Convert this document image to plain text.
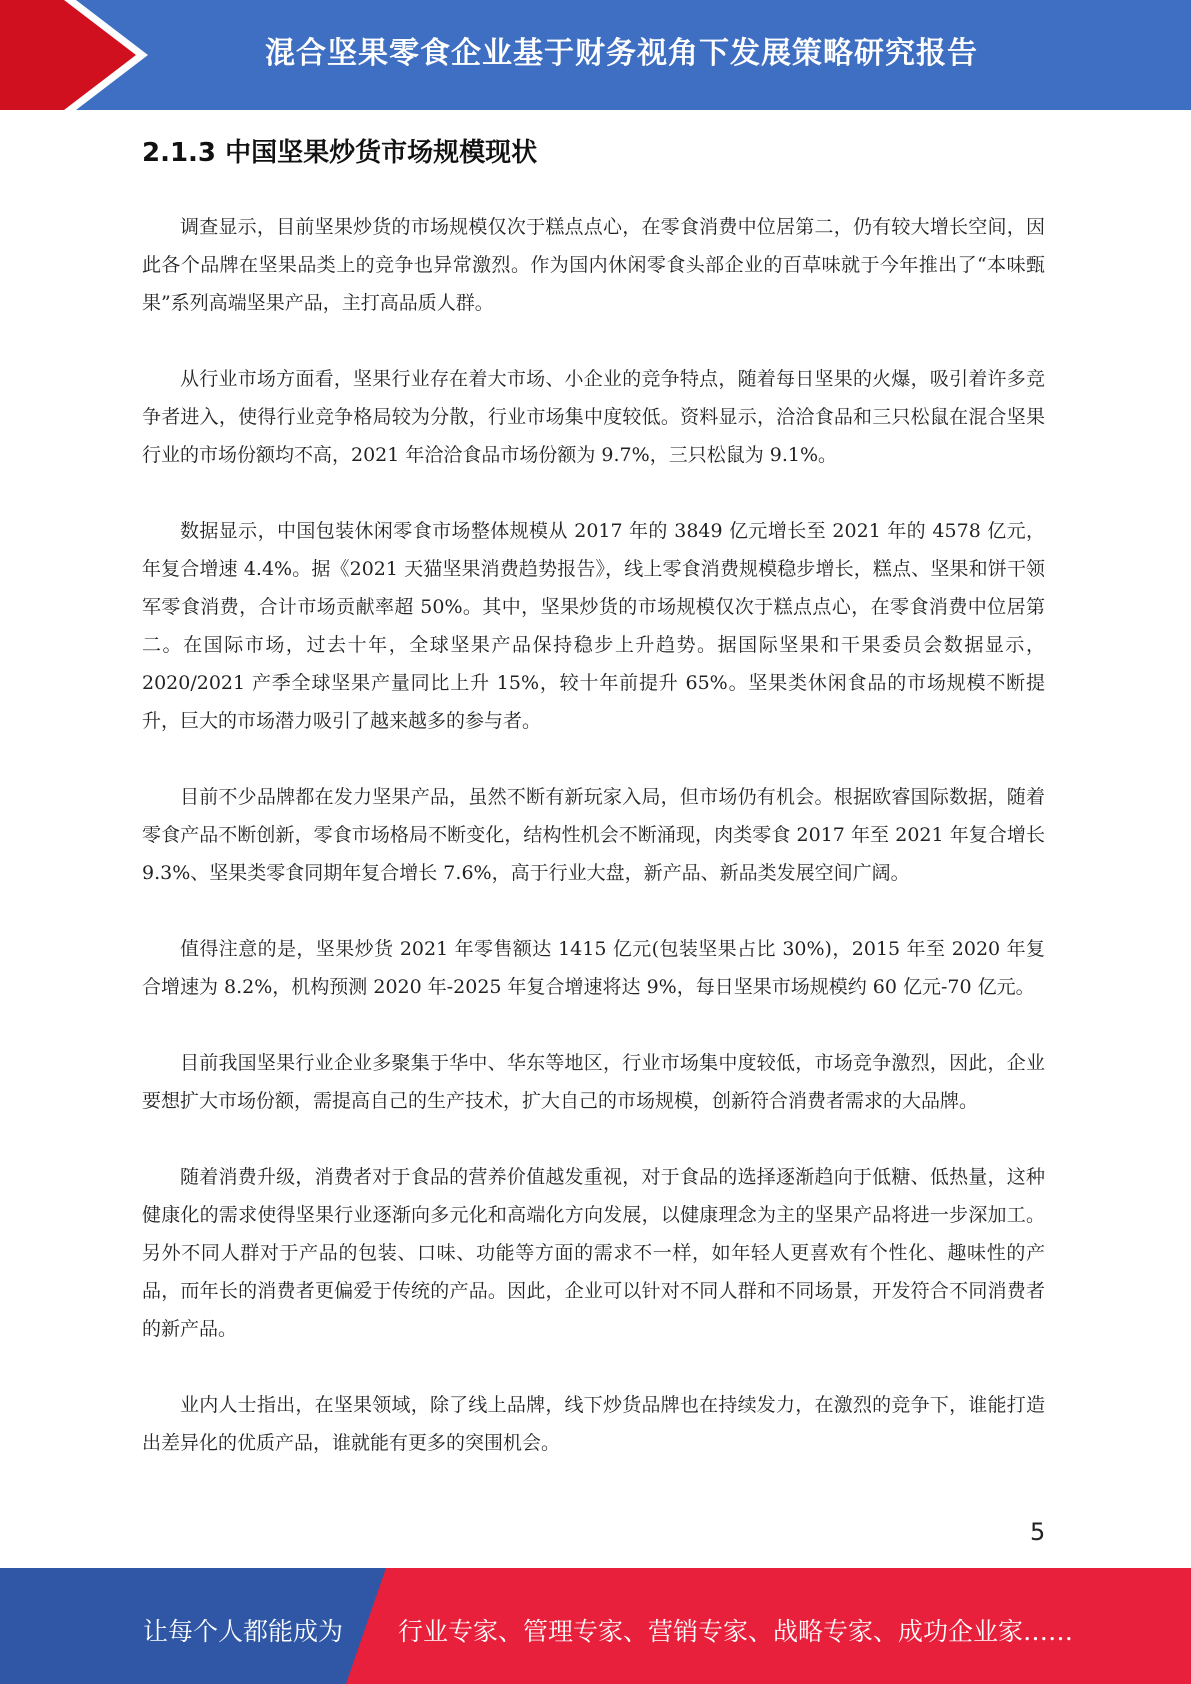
混合坚果零食企业基于财务视角下发展策略研究报告
2.1.3 中国坚果炒货市场规模现状

调查显示，目前坚果炒货的市场规模仅次于糕点点心，在零食消费中位居第二，仍有较大增长空间，因此各个品牌在坚果品类上的竞争也异常激烈。作为国内休闲零食头部企业的百草味就于今年推出了“本味甄果”系列高端坚果产品，主打高品质人群。

从行业市场方面看，坚果行业存在着大市场、小企业的竞争特点，随着每日坚果的火爆，吸引着许多竞争者进入，使得行业竞争格局较为分散，行业市场集中度较低。资料显示，洽洽食品和三只松鼠在混合坚果行业的市场份额均不高，2021 年洽洽食品市场份额为 9.7%，三只松鼠为 9.1%。

数据显示，中国包装休闲零食市场整体规模从 2017 年的 3849 亿元增长至 2021 年的 4578 亿元，年复合增速 4.4%。据《2021 天猫坚果消费趋势报告》，线上零食消费规模稳步增长，糕点、坚果和饼干领军零食消费，合计市场贡献率超 50%。其中，坚果炒货的市场规模仅次于糕点点心，在零食消费中位居第二。在国际市场，过去十年，全球坚果产品保持稳步上升趋势。据国际坚果和干果委员会数据显示，2020/2021 产季全球坚果产量同比上升 15%，较十年前提升 65%。坚果类休闲食品的市场规模不断提升，巨大的市场潜力吸引了越来越多的参与者。

目前不少品牌都在发力坚果产品，虽然不断有新玩家入局，但市场仍有机会。根据欧睿国际数据，随着零食产品不断创新，零食市场格局不断变化，结构性机会不断涌现，肉类零食 2017 年至 2021 年复合增长 9.3%、坚果类零食同期年复合增长 7.6%，高于行业大盘，新产品、新品类发展空间广阔。

值得注意的是，坚果炒货 2021 年零售额达 1415 亿元(包装坚果占比 30%)，2015 年至 2020 年复合增速为 8.2%，机构预测 2020 年-2025 年复合增速将达 9%，每日坚果市场规模约 60 亿元-70 亿元。

目前我国坚果行业企业多聚集于华中、华东等地区，行业市场集中度较低，市场竞争激烈，因此，企业要想扩大市场份额，需提高自己的生产技术，扩大自己的市场规模，创新符合消费者需求的大品牌。

随着消费升级，消费者对于食品的营养价值越发重视，对于食品的选择逐渐趋向于低糖、低热量，这种健康化的需求使得坚果行业逐渐向多元化和高端化方向发展，以健康理念为主的坚果产品将进一步深加工。另外不同人群对于产品的包装、口味、功能等方面的需求不一样，如年轻人更喜欢有个性化、趣味性的产品，而年长的消费者更偏爱于传统的产品。因此，企业可以针对不同人群和不同场景，开发符合不同消费者的新产品。

业内人士指出，在坚果领域，除了线上品牌，线下炒货品牌也在持续发力，在激烈的竞争下，谁能打造出差异化的优质产品，谁就能有更多的突围机会。

5
让每个人都能成为 行业专家、管理专家、营销专家、战略专家、成功企业家……
